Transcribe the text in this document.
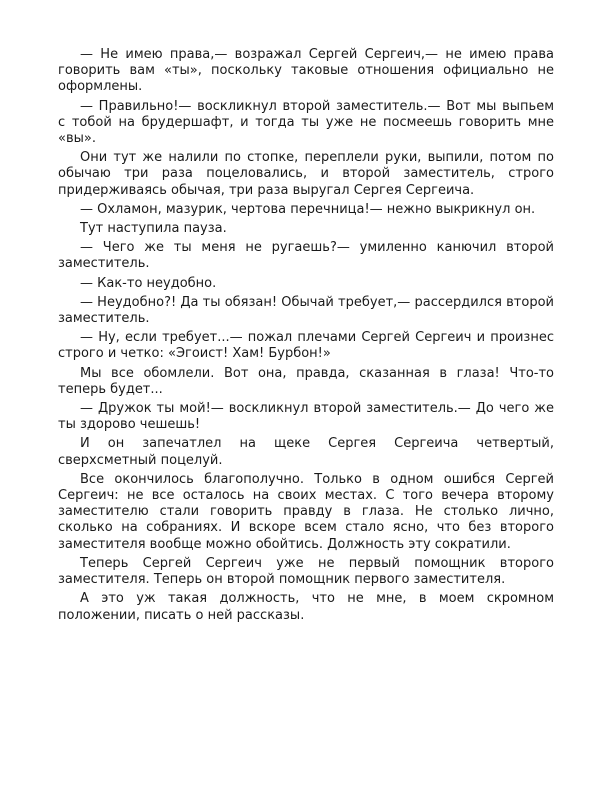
— Не имею права,— возражал Сергей Сергеич,— не имею права говорить вам «ты», поскольку таковые отношения официально не оформлены.

— Правильно!— воскликнул второй заместитель.— Вот мы выпьем с тобой на брудершафт, и тогда ты уже не посмеешь говорить мне «вы».

Они тут же налили по стопке, переплели руки, выпили, потом по обычаю три раза поцеловались, и второй заместитель, строго придерживаясь обычая, три раза выругал Сергея Сергеича.

— Охламон, мазурик, чертова перечница!— нежно выкрикнул он.

Тут наступила пауза.

— Чего же ты меня не ругаешь?— умиленно канючил второй заместитель.

— Как-то неудобно.

— Неудобно?! Да ты обязан! Обычай требует,— рассердился второй заместитель.

— Ну, если требует...— пожал плечами Сергей Сергеич и произнес строго и четко: «Эгоист! Хам! Бурбон!»

Мы все обомлели. Вот она, правда, сказанная в глаза! Что-то теперь будет...

— Дружок ты мой!— воскликнул второй заместитель.— До чего же ты здорово чешешь!

И он запечатлел на щеке Сергея Сергеича четвертый, сверхсметный поцелуй.

Все окончилось благополучно. Только в одном ошибся Сергей Сергеич: не все осталось на своих местах. С того вечера второму заместителю стали говорить правду в глаза. Не столько лично, сколько на собраниях. И вскоре всем стало ясно, что без второго заместителя вообще можно обойтись. Должность эту сократили.

Теперь Сергей Сергеич уже не первый помощник второго заместителя. Теперь он второй помощник первого заместителя.

А это уж такая должность, что не мне, в моем скромном положении, писать о ней рассказы.
